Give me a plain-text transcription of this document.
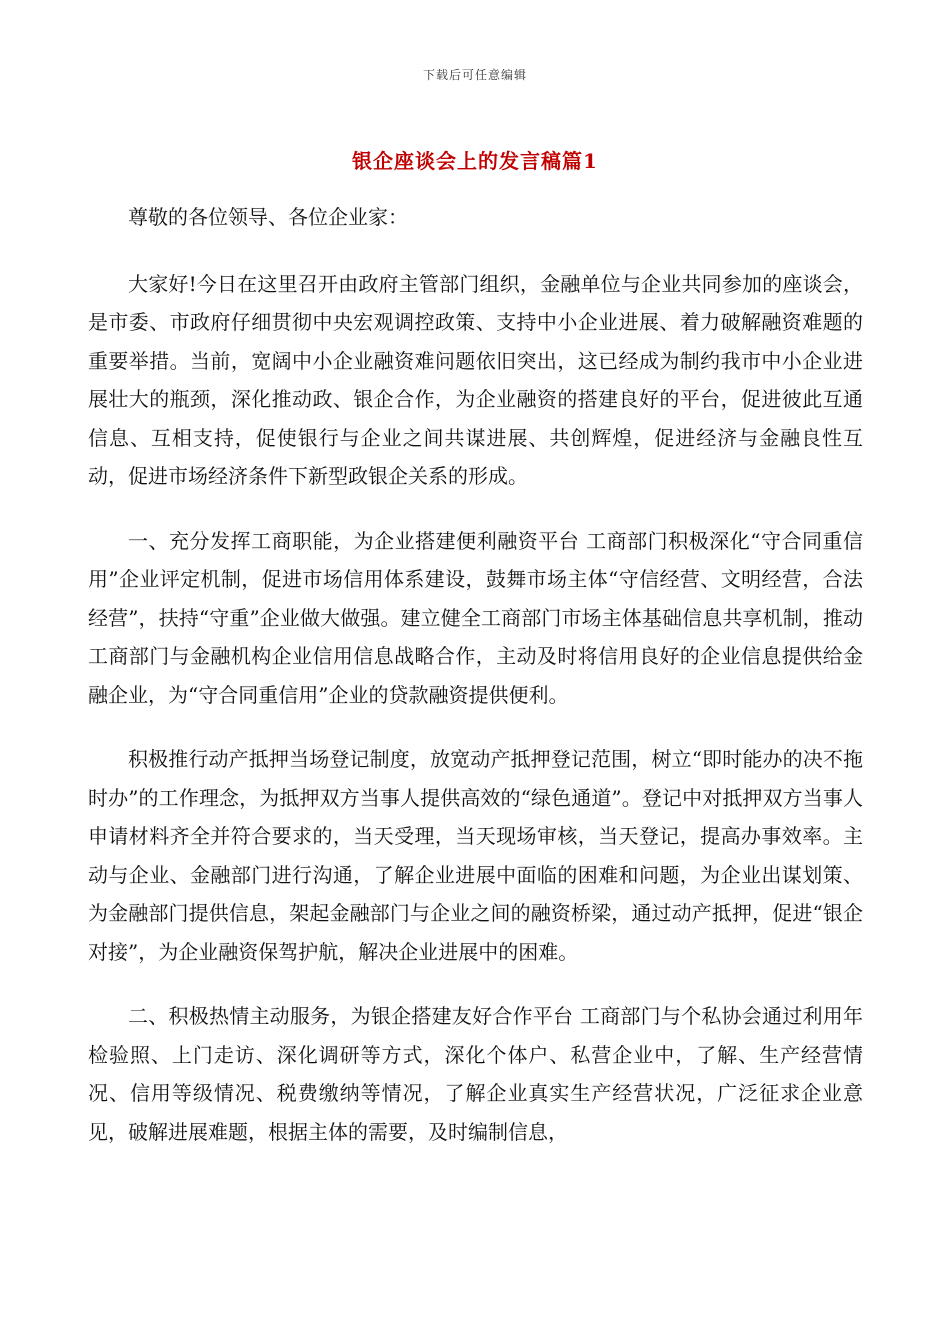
下载后可任意编辑
银企座谈会上的发言稿篇1

尊敬的各位领导、各位企业家：

大家好!今日在这里召开由政府主管部门组织，金融单位与企业共同参加的座谈会，是市委、市政府仔细贯彻中央宏观调控政策、支持中小企业进展、着力破解融资难题的重要举措。当前，宽阔中小企业融资难问题依旧突出，这已经成为制约我市中小企业进展壮大的瓶颈，深化推动政、银企合作，为企业融资的搭建良好的平台，促进彼此互通信息、互相支持，促使银行与企业之间共谋进展、共创辉煌，促进经济与金融良性互动，促进市场经济条件下新型政银企关系的形成。

一、充分发挥工商职能，为企业搭建便利融资平台 工商部门积极深化“守合同重信用”企业评定机制，促进市场信用体系建设，鼓舞市场主体“守信经营、文明经营，合法经营”，扶持“守重”企业做大做强。建立健全工商部门市场主体基础信息共享机制，推动工商部门与金融机构企业信用信息战略合作，主动及时将信用良好的企业信息提供给金融企业，为“守合同重信用”企业的贷款融资提供便利。

积极推行动产抵押当场登记制度，放宽动产抵押登记范围，树立“即时能办的决不拖时办”的工作理念，为抵押双方当事人提供高效的“绿色通道”。登记中对抵押双方当事人申请材料齐全并符合要求的，当天受理，当天现场审核，当天登记，提高办事效率。主动与企业、金融部门进行沟通，了解企业进展中面临的困难和问题，为企业出谋划策、为金融部门提供信息，架起金融部门与企业之间的融资桥梁，通过动产抵押，促进“银企对接”，为企业融资保驾护航，解决企业进展中的困难。

二、积极热情主动服务，为银企搭建友好合作平台 工商部门与个私协会通过利用年检验照、上门走访、深化调研等方式，深化个体户、私营企业中，了解、生产经营情况、信用等级情况、税费缴纳等情况，了解企业真实生产经营状况，广泛征求企业意见，破解进展难题，根据主体的需要，及时编制信息，
